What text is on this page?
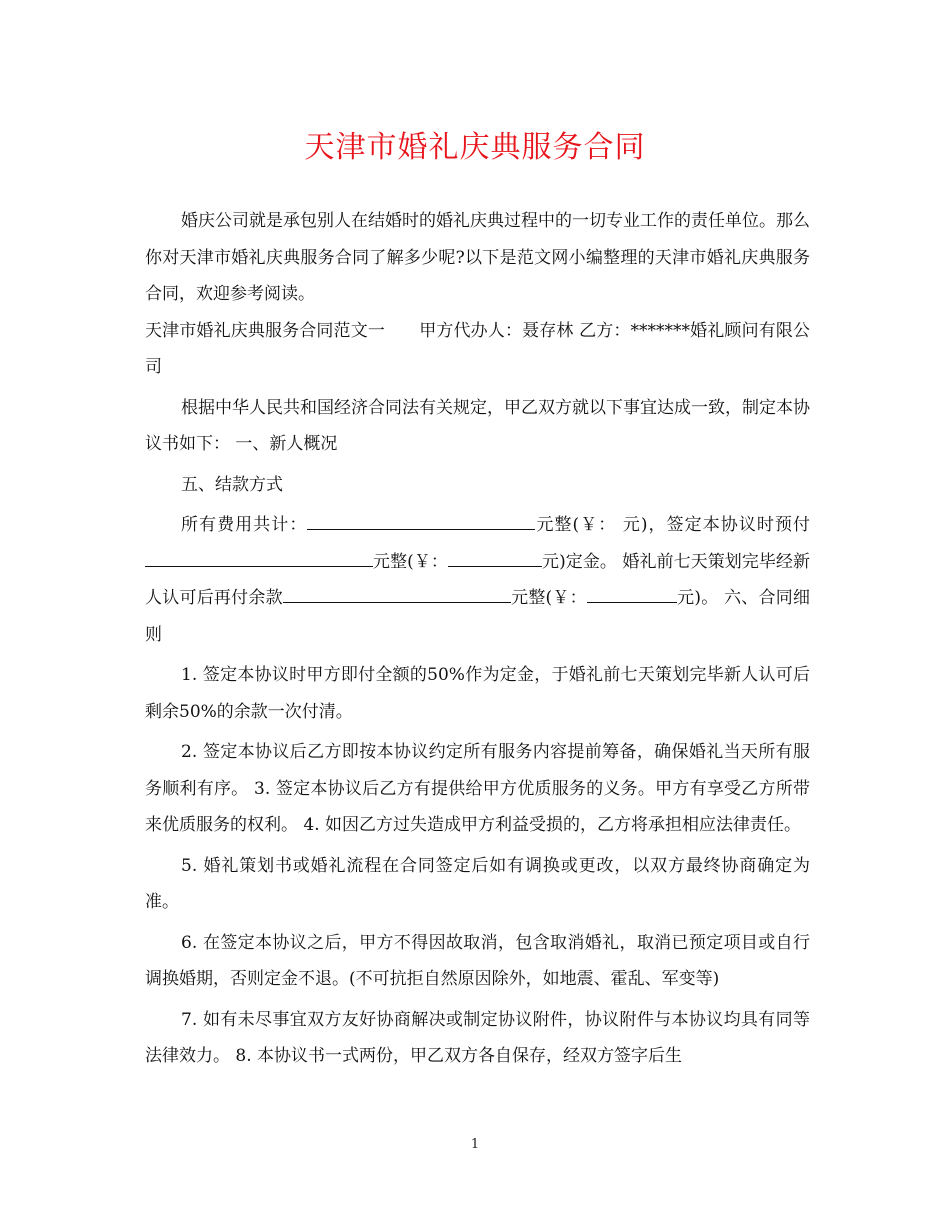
天津市婚礼庆典服务合同

婚庆公司就是承包别人在结婚时的婚礼庆典过程中的一切专业工作的责任单位。那么你对天津市婚礼庆典服务合同了解多少呢?以下是范文网小编整理的天津市婚礼庆典服务合同，欢迎参考阅读。

天津市婚礼庆典服务合同范文一　　甲方代办人：聂存林 乙方：*******婚礼顾问有限公司

根据中华人民共和国经济合同法有关规定，甲乙双方就以下事宜达成一致，制定本协议书如下： 一、新人概况

五、结款方式

所有费用共计：	元整(￥： 元)，签定本协议时预付元整(￥：	元)定金。 婚礼前七天策划完毕经新人认可后再付余款	元整(￥：	元)。 六、合同细则

1. 签定本协议时甲方即付全额的50%作为定金，于婚礼前七天策划完毕新人认可后剩余50%的余款一次付清。

2. 签定本协议后乙方即按本协议约定所有服务内容提前筹备，确保婚礼当天所有服务顺利有序。 3. 签定本协议后乙方有提供给甲方优质服务的义务。甲方有享受乙方所带来优质服务的权利。 4. 如因乙方过失造成甲方利益受损的，乙方将承担相应法律责任。

5. 婚礼策划书或婚礼流程在合同签定后如有调换或更改，以双方最终协商确定为准。

6. 在签定本协议之后，甲方不得因故取消，包含取消婚礼，取消已预定项目或自行调换婚期，否则定金不退。(不可抗拒自然原因除外，如地震、霍乱、军变等)

7. 如有未尽事宜双方友好协商解决或制定协议附件，协议附件与本协议均具有同等法律效力。 8. 本协议书一式两份，甲乙双方各自保存，经双方签字后生

1
